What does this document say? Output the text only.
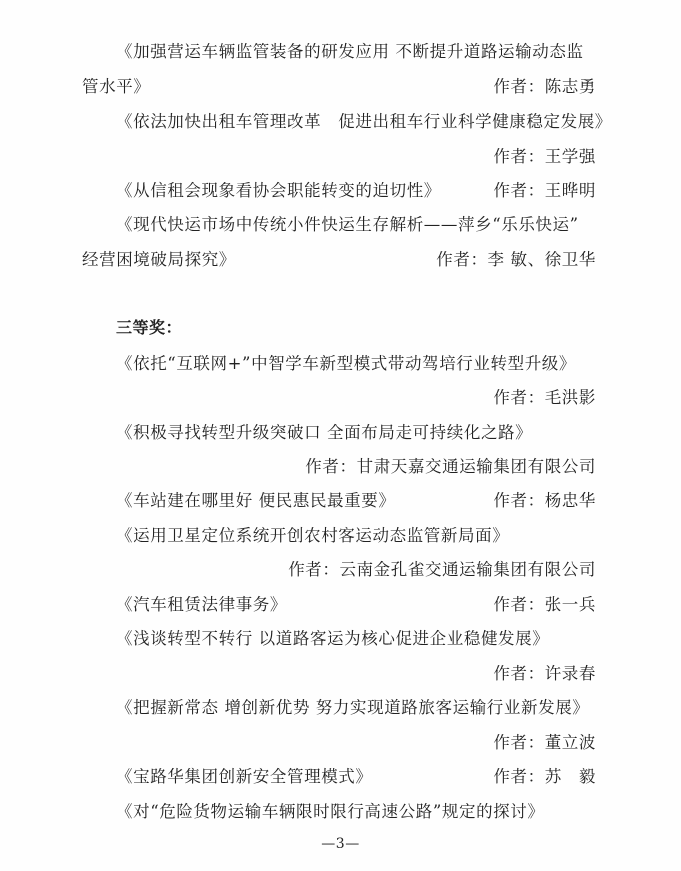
《加强营运车辆监管装备的研发应用 不断提升道路运输动态监
管水平》	作者：陈志勇
《依法加快出租车管理改革　促进出租车行业科学健康稳定发展》
作者：王学强
《从信租会现象看协会职能转变的迫切性》	作者：王晔明
《现代快运市场中传统小件快运生存解析——萍乡“乐乐快运”
经营困境破局探究》	作者：李 敏、徐卫华
三等奖：
《依托“互联网+”中智学车新型模式带动驾培行业转型升级》
作者：毛洪影
《积极寻找转型升级突破口 全面布局走可持续化之路》
作者：甘肃天嘉交通运输集团有限公司
《车站建在哪里好 便民惠民最重要》	作者：杨忠华
《运用卫星定位系统开创农村客运动态监管新局面》
作者：云南金孔雀交通运输集团有限公司
《汽车租赁法律事务》	作者：张一兵
《浅谈转型不转行 以道路客运为核心促进企业稳健发展》
作者：许录春
《把握新常态 增创新优势 努力实现道路旅客运输行业新发展》
作者：董立波
《宝路华集团创新安全管理模式》	作者：苏　毅
《对“危险货物运输车辆限时限行高速公路”规定的探讨》
—3—
